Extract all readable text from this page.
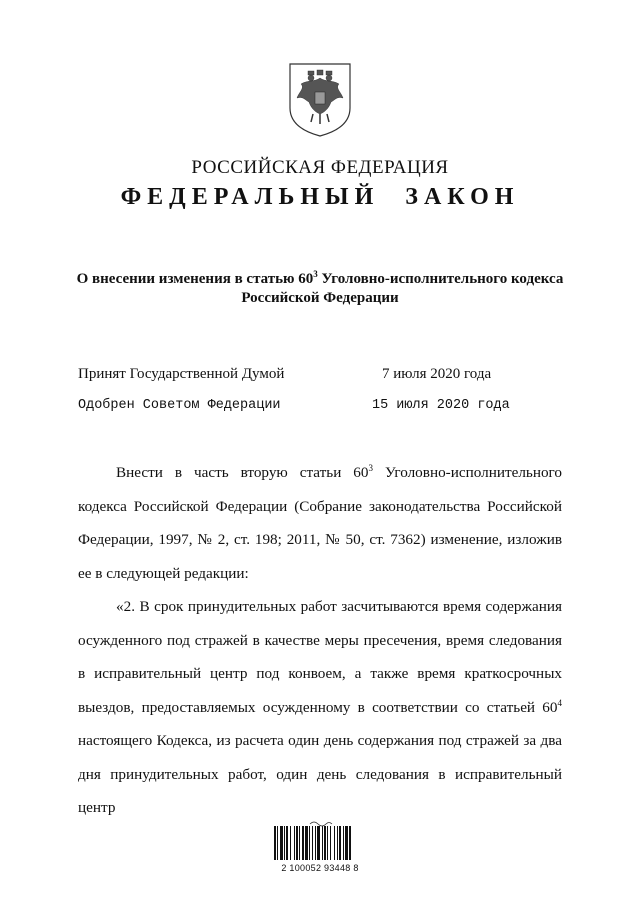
РОССИЙСКАЯ ФЕДЕРАЦИЯ
ФЕДЕРАЛЬНЫЙ ЗАКОН
О внесении изменения в статью $60^3$ Уголовно-исполнительного кодекса Российской Федерации
Принят Государственной Думой	7 июля 2020 года
Одобрен Советом Федерации	15 июля 2020 года

Внести в часть вторую статьи $60^3$ Уголовно-исполнительного кодекса Российской Федерации (Собрание законодательства Российской Федерации, 1997, № 2, ст. 198; 2011, № 50, ст. 7362) изменение, изложив ее в следующей редакции:

«2. В срок принудительных работ засчитываются время содержания осужденного под стражей в качестве меры пресечения, время следования в исправительный центр под конвоем, а также время краткосрочных выездов, предоставляемых осужденному в соответствии со статьей $60^4$ настоящего Кодекса, из расчета один день содержания под стражей за два дня принудительных работ, один день следования в исправительный центр

2 100052 93448 8
